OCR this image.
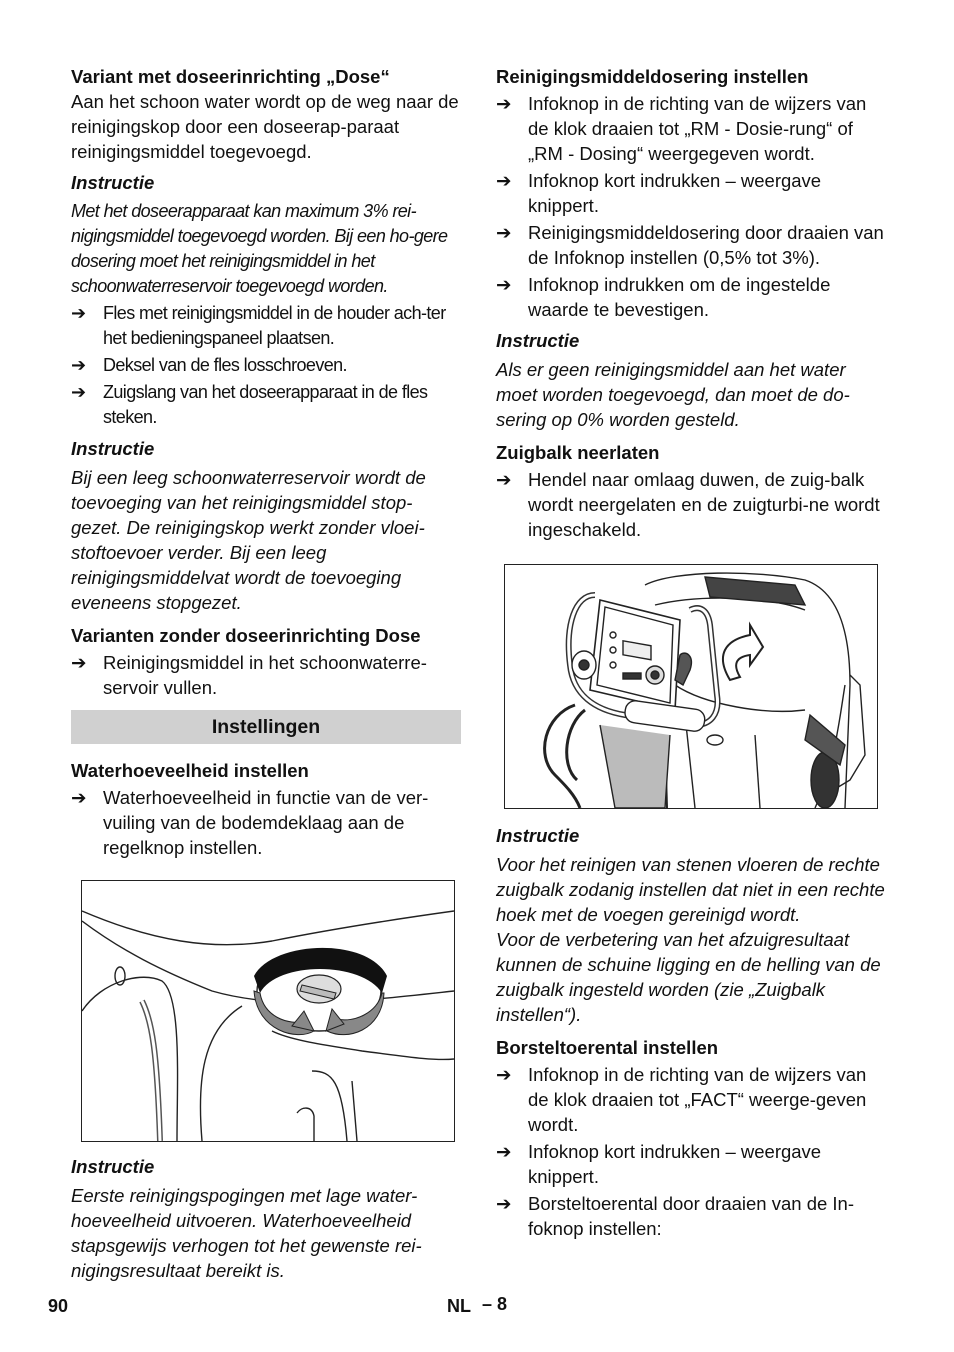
Variant met doseerinrichting „Dose“

Aan het schoon water wordt op de weg naar de reinigingskop door een doseerap-paraat reinigingsmiddel toegevoegd.

Instructie

Met het doseerapparaat kan maximum 3% rei-nigingsmiddel toegevoegd worden. Bij een ho-gere dosering moet het reinigingsmiddel in het schoonwaterreservoir toegevoegd worden.

➔ Fles met reinigingsmiddel in de houder ach-ter het bedieningspaneel plaatsen.
➔ Deksel van de fles losschroeven.
➔ Zuigslang van het doseerapparaat in de fles steken.

Instructie

Bij een leeg schoonwaterreservoir wordt de toevoeging van het reinigingsmiddel stop-gezet. De reinigingskop werkt zonder vloei-stoftoevoer verder. Bij een leeg reinigingsmiddelvat wordt de toevoeging eveneens stopgezet.

Varianten zonder doseerinrichting Dose

➔ Reinigingsmiddel in het schoonwaterre-servoir vullen.
Instellingen

Waterhoeveelheid instellen

➔ Waterhoeveelheid in functie van de ver-vuiling van de bodemdeklaag aan de regelknop instellen.

Instructie

Eerste reinigingspogingen met lage water-hoeveelheid uitvoeren. Waterhoeveelheid stapsgewijs verhogen tot het gewenste rei-nigingsresultaat bereikt is.

Reinigingsmiddeldosering instellen

➔ Infoknop in de richting van de wijzers van de klok draaien tot „RM - Dosie-rung“ of „RM - Dosing“ weergegeven wordt.
➔ Infoknop kort indrukken – weergave knippert.
➔ Reinigingsmiddeldosering door draaien van de Infoknop instellen (0,5% tot 3%).
➔ Infoknop indrukken om de ingestelde waarde te bevestigen.

Instructie

Als er geen reinigingsmiddel aan het water moet worden toegevoegd, dan moet de do-sering op 0% worden gesteld.

Zuigbalk neerlaten

➔ Hendel naar omlaag duwen, de zuig-balk wordt neergelaten en de zuigturbi-ne wordt ingeschakeld.

Instructie

Voor het reinigen van stenen vloeren de rechte zuigbalk zodanig instellen dat niet in een rechte hoek met de voegen gereinigd wordt.

Voor de verbetering van het afzuigresultaat kunnen de schuine ligging en de helling van de zuigbalk ingesteld worden (zie „Zuigbalk instellen“).

Borsteltoerental instellen

➔ Infoknop in de richting van de wijzers van de klok draaien tot „FACT“ weerge-geven wordt.
➔ Infoknop kort indrukken – weergave knippert.
➔ Borsteltoerental door draaien van de In-foknop instellen:
90	NL – 8
